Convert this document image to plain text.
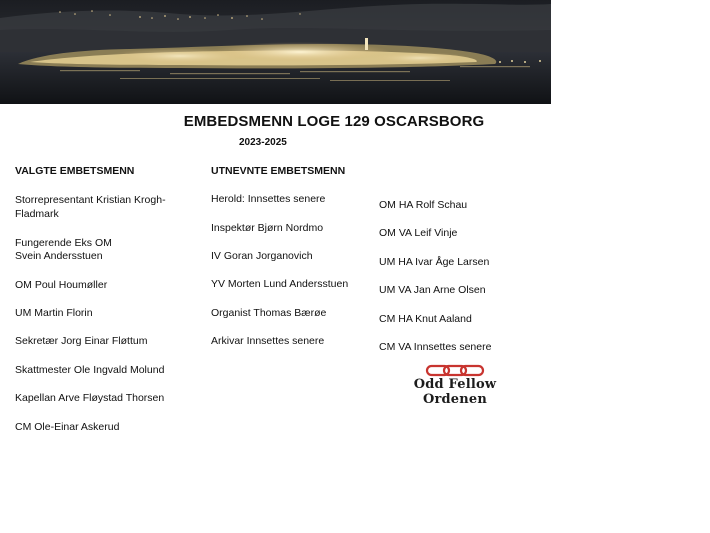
EMBEDSMENN LOGE 129 OSCARSBORG
2023-2025
VALGTE EMBETSMENN
Storrepresentant Kristian Krogh-Fladmark
Fungerende Eks OM
Svein Andersstuen
OM Poul Houmøller
UM Martin Florin
Sekretær Jorg Einar Fløttum
Skattmester Ole Ingvald Molund
Kapellan Arve Fløystad Thorsen
CM Ole-Einar Askerud
UTNEVNTE EMBETSMENN
Herold: Innsettes senere
Inspektør Bjørn Nordmo
IV Goran Jorganovich
YV Morten Lund Andersstuen
Organist Thomas Bærøe
Arkivar Innsettes senere
OM HA Rolf Schau
OM VA Leif Vinje
UM HA Ivar Åge Larsen
UM VA Jan Arne Olsen
CM HA Knut Aaland
CM VA Innsettes senere
Odd Fellow Ordenen
